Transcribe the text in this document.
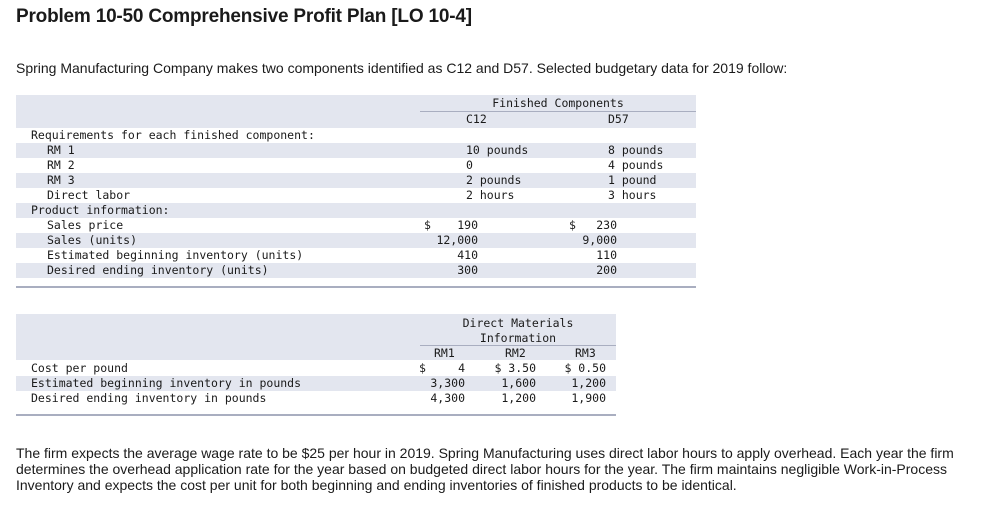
Problem 10-50 Comprehensive Profit Plan [LO 10-4]
Spring Manufacturing Company makes two components identified as C12 and D57. Selected budgetary data for 2019 follow:
Finished Components
C12	D57
Requirements for each finished component:
RM 1	10 pounds	8 pounds
RM 2	0	4 pounds
RM 3	2 pounds	1 pound
Direct labor	2 hours	3 hours
Product information:
Sales price	$	190	$	230
Sales (units)	12,000	9,000
Estimated beginning inventory (units)	410	110
Desired ending inventory (units)	300	200
Direct Materials
Information
RM1	RM2	RM3
Cost per pound	$	4	$ 3.50	$ 0.50
Estimated beginning inventory in pounds	3,300	1,600	1,200
Desired ending inventory in pounds	4,300	1,200	1,900
The firm expects the average wage rate to be $25 per hour in 2019. Spring Manufacturing uses direct labor hours to apply overhead. Each year the firm determines the overhead application rate for the year based on budgeted direct labor hours for the year. The firm maintains negligible Work-in-Process Inventory and expects the cost per unit for both beginning and ending inventories of finished products to be identical.
